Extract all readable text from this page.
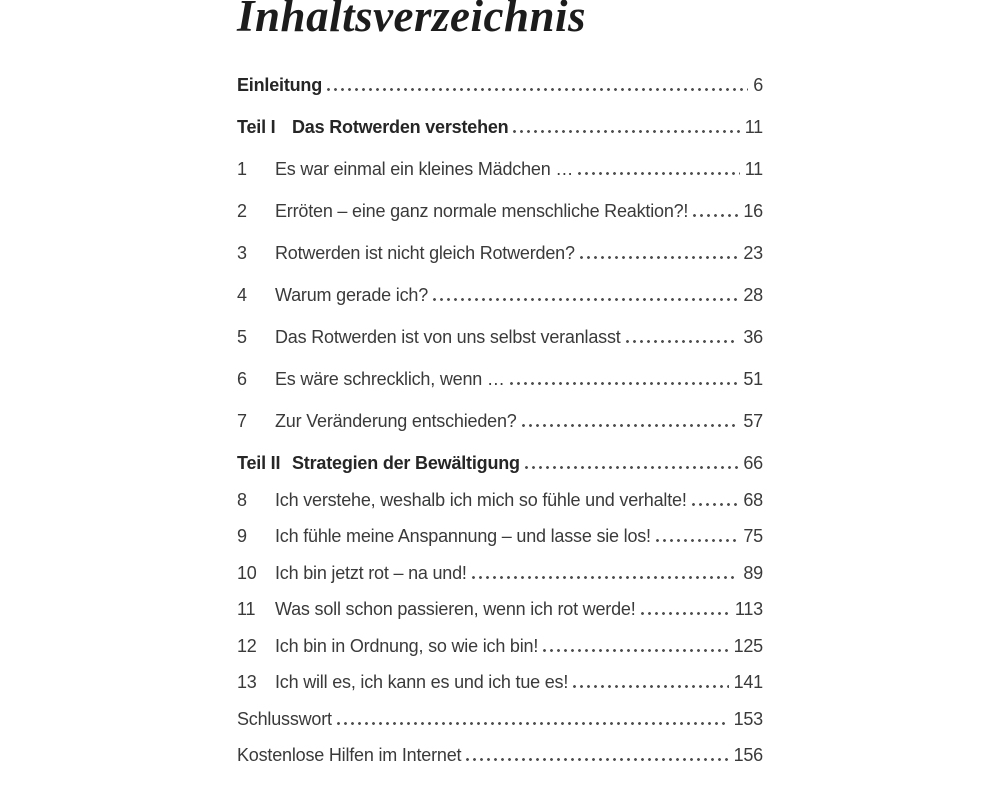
Inhaltsverzeichnis
Einleitung	6
Teil I Das Rotwerden verstehen	11
1	Es war einmal ein kleines Mädchen …	11
2	Erröten – eine ganz normale menschliche Reaktion?!	16
3	Rotwerden ist nicht gleich Rotwerden?	23
4	Warum gerade ich?	28
5	Das Rotwerden ist von uns selbst veranlasst	36
6	Es wäre schrecklich, wenn …	51
7	Zur Veränderung entschieden?	57
Teil II Strategien der Bewältigung	66
8	Ich verstehe, weshalb ich mich so fühle und verhalte!	68
9	Ich fühle meine Anspannung – und lasse sie los!	75
10	Ich bin jetzt rot – na und!	89
11	Was soll schon passieren, wenn ich rot werde!	113
12	Ich bin in Ordnung, so wie ich bin!	125
13	Ich will es, ich kann es und ich tue es!	141
Schlusswort	153
Kostenlose Hilfen im Internet	156
